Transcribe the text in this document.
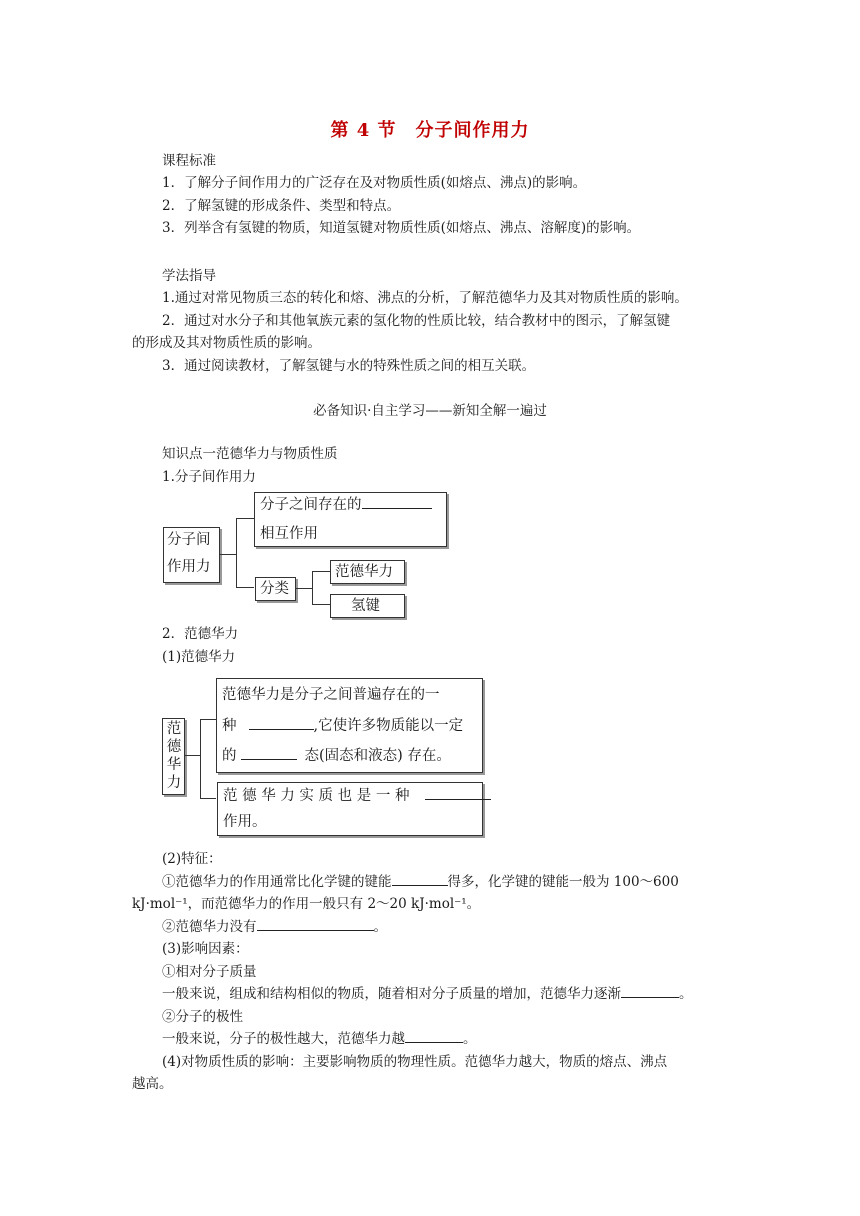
第 4 节　分子间作用力
课程标准
1．了解分子间作用力的广泛存在及对物质性质(如熔点、沸点)的影响。
2．了解氢键的形成条件、类型和特点。
3．列举含有氢键的物质，知道氢键对物质性质(如熔点、沸点、溶解度)的影响。
学法指导
1.通过对常见物质三态的转化和熔、沸点的分析，了解范德华力及其对物质性质的影响。
2．通过对水分子和其他氧族元素的氢化物的性质比较，结合教材中的图示，了解氢键
的形成及其对物质性质的影响。
3．通过阅读教材，了解氢键与水的特殊性质之间的相互关联。
必备知识·自主学习——新知全解一遍过
知识点一范德华力与物质性质
1.分子间作用力
分子间
作用力
分子之间存在的
相互作用
分类
范德华力
氢键
2．范德华力
(1)范德华力
范
德
华
力
范德华力是分子之间普遍存在的一
种	,它使许多物质能以一定
的	态(固态和液态) 存在。
范 德 华 力 实 质 也 是 一 种
作用。
(2)特征：
①范德华力的作用通常比化学键的键能	得多，化学键的键能一般为 100～600
kJ·mol⁻¹，而范德华力的作用一般只有 2～20 kJ·mol⁻¹。
②范德华力没有	。
(3)影响因素：
①相对分子质量
一般来说，组成和结构相似的物质，随着相对分子质量的增加，范德华力逐渐	。
②分子的极性
一般来说，分子的极性越大，范德华力越	。
(4)对物质性质的影响：主要影响物质的物理性质。范德华力越大，物质的熔点、沸点
越高。
